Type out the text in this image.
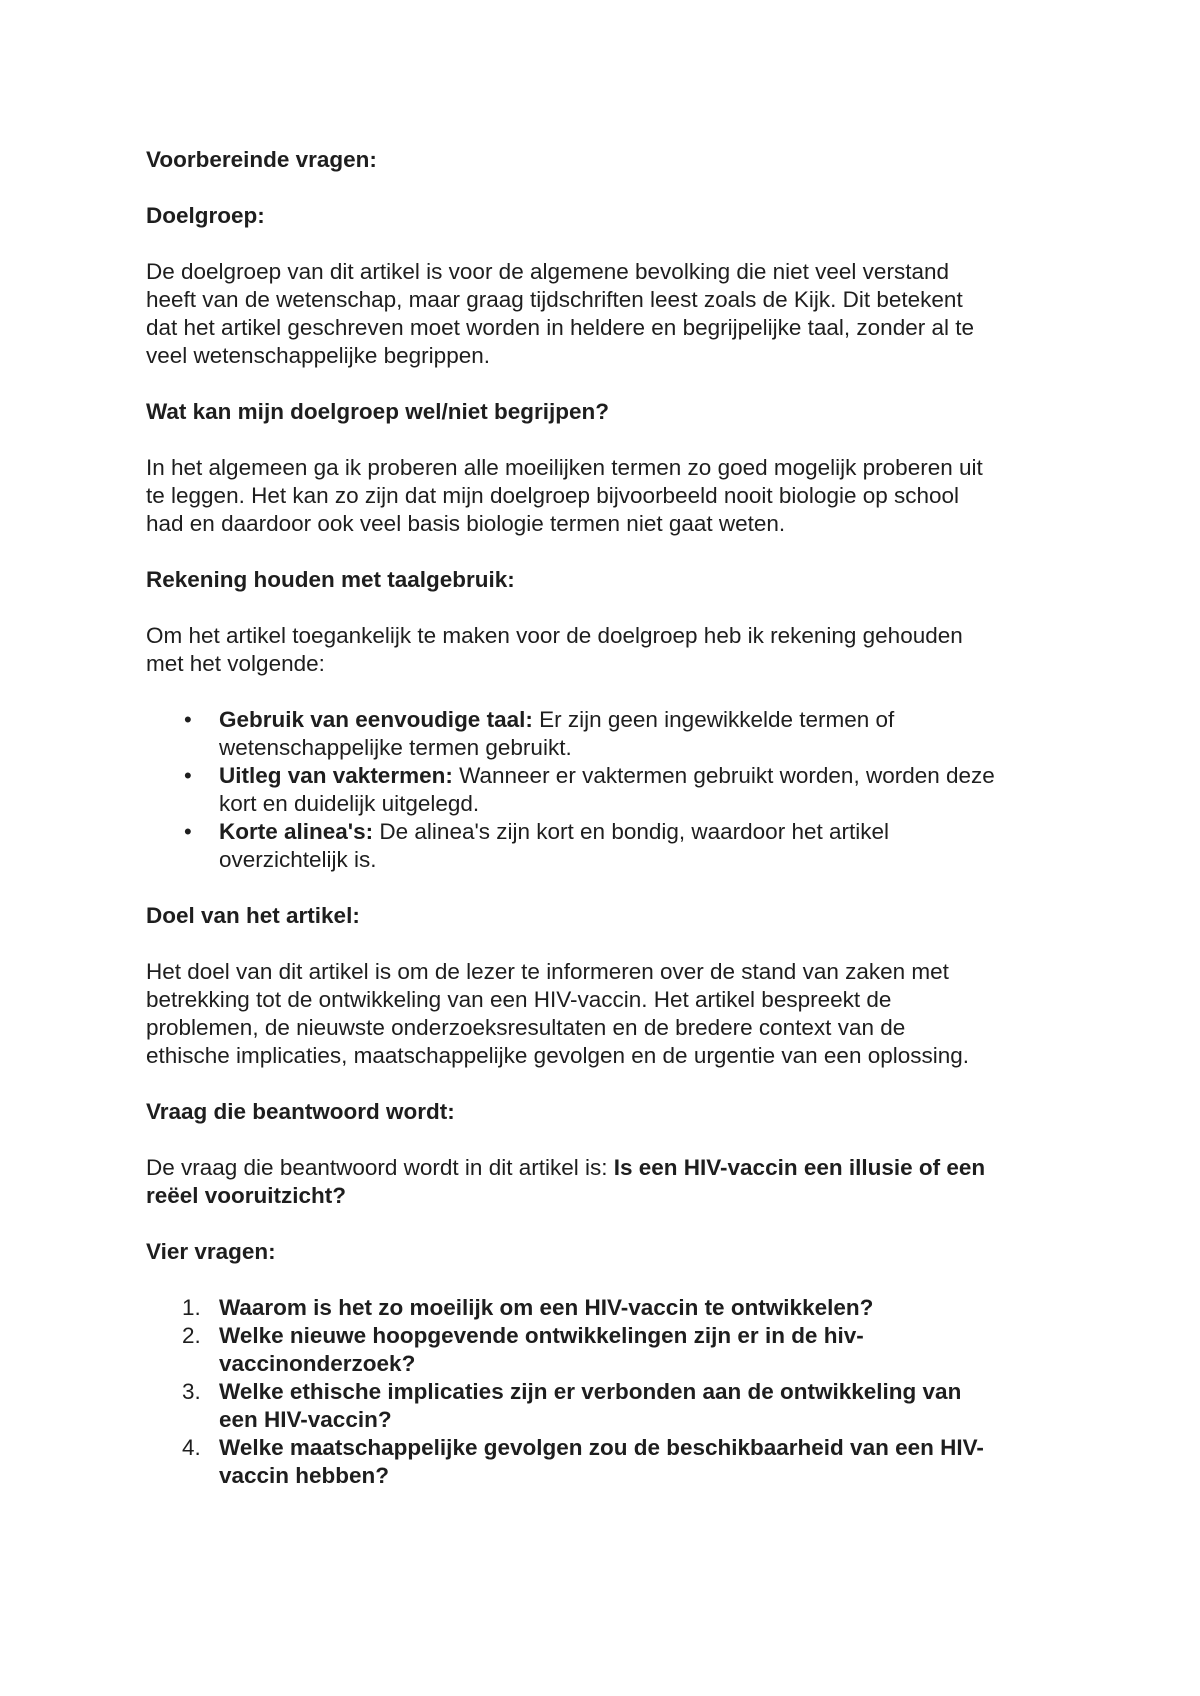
Voorbereinde vragen:

Doelgroep:

De doelgroep van dit artikel is voor de algemene bevolking die niet veel verstand
heeft van de wetenschap, maar graag tijdschriften leest zoals de Kijk. Dit betekent
dat het artikel geschreven moet worden in heldere en begrijpelijke taal, zonder al te
veel wetenschappelijke begrippen.

Wat kan mijn doelgroep wel/niet begrijpen?

In het algemeen ga ik proberen alle moeilijken termen zo goed mogelijk proberen uit
te leggen. Het kan zo zijn dat mijn doelgroep bijvoorbeeld nooit biologie op school
had en daardoor ook veel basis biologie termen niet gaat weten.

Rekening houden met taalgebruik:

Om het artikel toegankelijk te maken voor de doelgroep heb ik rekening gehouden
met het volgende:

• Gebruik van eenvoudige taal: Er zijn geen ingewikkelde termen of
wetenschappelijke termen gebruikt.
• Uitleg van vaktermen: Wanneer er vaktermen gebruikt worden, worden deze
kort en duidelijk uitgelegd.
• Korte alinea's: De alinea's zijn kort en bondig, waardoor het artikel
overzichtelijk is.

Doel van het artikel:

Het doel van dit artikel is om de lezer te informeren over de stand van zaken met
betrekking tot de ontwikkeling van een HIV-vaccin. Het artikel bespreekt de
problemen, de nieuwste onderzoeksresultaten en de bredere context van de
ethische implicaties, maatschappelijke gevolgen en de urgentie van een oplossing.

Vraag die beantwoord wordt:

De vraag die beantwoord wordt in dit artikel is: Is een HIV-vaccin een illusie of een
reëel vooruitzicht?

Vier vragen:

1. Waarom is het zo moeilijk om een HIV-vaccin te ontwikkelen?
2. Welke nieuwe hoopgevende ontwikkelingen zijn er in de hiv-
vaccinonderzoek?
3. Welke ethische implicaties zijn er verbonden aan de ontwikkeling van
een HIV-vaccin?
4. Welke maatschappelijke gevolgen zou de beschikbaarheid van een HIV-
vaccin hebben?
